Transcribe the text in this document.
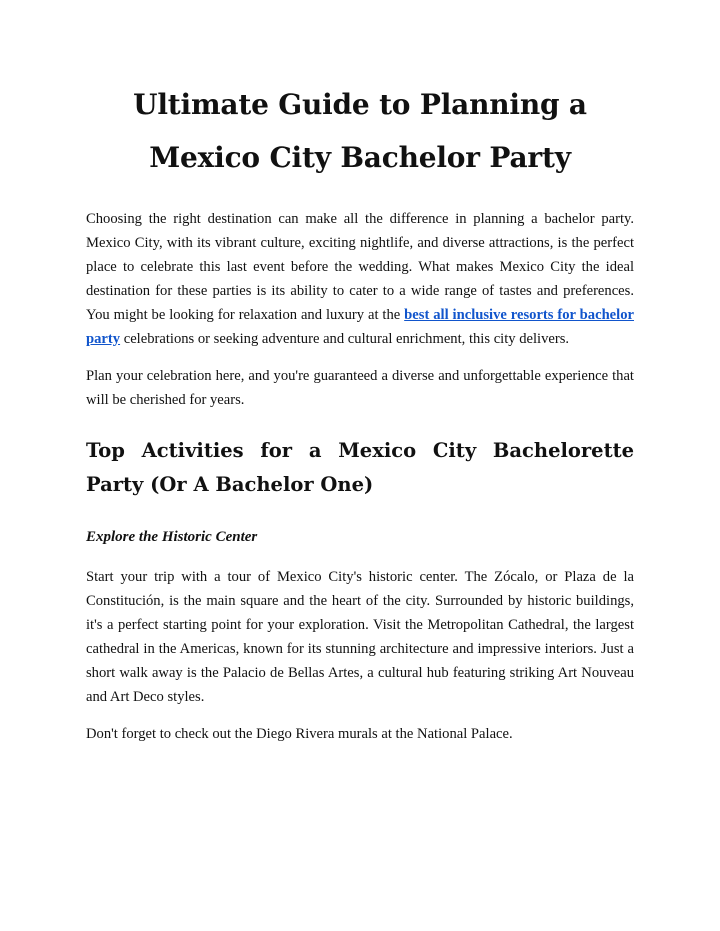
Ultimate Guide to Planning a
Mexico City Bachelor Party

Choosing the right destination can make all the difference in planning a bachelor party. Mexico City, with its vibrant culture, exciting nightlife, and diverse attractions, is the perfect place to celebrate this last event before the wedding. What makes Mexico City the ideal destination for these parties is its ability to cater to a wide range of tastes and preferences. You might be looking for relaxation and luxury at the best all inclusive resorts for bachelor party celebrations or seeking adventure and cultural enrichment, this city delivers.

Plan your celebration here, and you're guaranteed a diverse and unforgettable experience that will be cherished for years.

Top Activities for a Mexico City Bachelorette Party (Or A Bachelor One)
Explore the Historic Center

Start your trip with a tour of Mexico City's historic center. The Zócalo, or Plaza de la Constitución, is the main square and the heart of the city. Surrounded by historic buildings, it's a perfect starting point for your exploration. Visit the Metropolitan Cathedral, the largest cathedral in the Americas, known for its stunning architecture and impressive interiors. Just a short walk away is the Palacio de Bellas Artes, a cultural hub featuring striking Art Nouveau and Art Deco styles.

Don't forget to check out the Diego Rivera murals at the National Palace.
